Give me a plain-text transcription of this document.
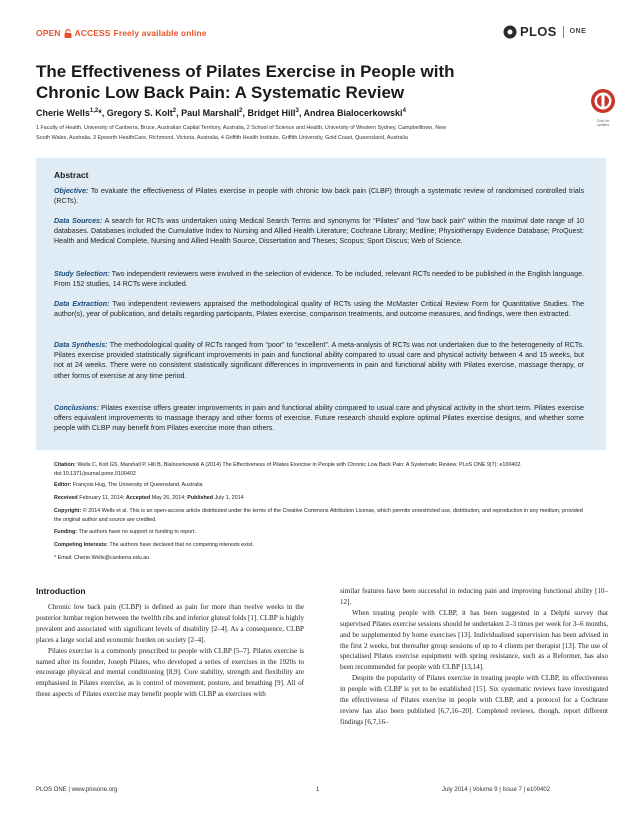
OPEN ACCESS Freely available online	PLOS ONE
The Effectiveness of Pilates Exercise in People with
Chronic Low Back Pain: A Systematic Review
Click for updates
Cherie Wells$^{1,2}$*, Gregory S. Kolt$^2$, Paul Marshall$^2$, Bridget Hill$^3$, Andrea Bialocerkowski$^4$
1 Faculty of Health, University of Canberra, Bruce, Australian Capital Territory, Australia, 2 School of Science and Health, University of Western Sydney, Campbelltown, New
South Wales, Australia, 3 Epworth HealthCare, Richmond, Victoria, Australia, 4 Griffith Health Institute, Griffith University, Gold Coast, Queensland, Australia
Abstract
Objective: To evaluate the effectiveness of Pilates exercise in people with chronic low back pain (CLBP) through a systematic review of randomised controlled trials (RCTs).
Data Sources: A search for RCTs was undertaken using Medical Search Terms and synonyms for “Pilates” and “low back pain” within the maximal date range of 10 databases. Databases included the Cumulative Index to Nursing and Allied Health Literature; Cochrane Library; Medline; Physiotherapy Evidence Database; ProQuest: Health and Medical Complete, Nursing and Allied Health Source, Dissertation and Theses; Scopus; Sport Discus; Web of Science.
Study Selection: Two independent reviewers were involved in the selection of evidence. To be included, relevant RCTs needed to be published in the English language. From 152 studies, 14 RCTs were included.
Data Extraction: Two independent reviewers appraised the methodological quality of RCTs using the McMaster Critical Review Form for Quantitative Studies. The author(s), year of publication, and details regarding participants, Pilates exercise, comparison treatments, and outcome measures, and findings, were then extracted.
Data Synthesis: The methodological quality of RCTs ranged from “poor” to “excellent”. A meta-analysis of RCTs was not undertaken due to the heterogeneity of RCTs. Pilates exercise provided statistically significant improvements in pain and functional ability compared to usual care and physical activity between 4 and 15 weeks, but not at 24 weeks. There were no consistent statistically significant differences in improvements in pain and functional ability with Pilates exercise, massage therapy, or other forms of exercise at any time period.
Conclusions: Pilates exercise offers greater improvements in pain and functional ability compared to usual care and physical activity in the short term. Pilates exercise offers equivalent improvements to massage therapy and other forms of exercise. Future research should explore optimal Pilates exercise designs, and whether some people with CLBP may benefit from Pilates exercise more than others.
Citation: Wells C, Kolt GS, Marshall P, Hill B, Bialocerkowski A (2014) The Effectiveness of Pilates Exercise in People with Chronic Low Back Pain: A Systematic Review. PLoS ONE 9(7): e100402. doi:10.1371/journal.pone.0100402
Editor: François Hug, The University of Queensland, Australia
Received February 11, 2014; Accepted May 26, 2014; Published July 1, 2014
Copyright: © 2014 Wells et al. This is an open-access article distributed under the terms of the Creative Commons Attribution License, which permits unrestricted use, distribution, and reproduction in any medium, provided the original author and source are credited.
Funding: The authors have no support or funding to report.
Competing Interests: The authors have declared that no competing interests exist.
* Email: Cherie.Wells@canberra.edu.au
Introduction

Chronic low back pain (CLBP) is defined as pain for more than twelve weeks in the posterior lumbar region between the twelfth ribs and inferior gluteal folds [1]. CLBP is highly prevalent and associated with significant levels of disability [2–4]. As a consequence, CLBP places a large social and economic burden on society [2–4].

Pilates exercise is a commonly prescribed to people with CLBP [5–7]. Pilates exercise is named after its founder, Joseph Pilates, who developed a series of exercises in the 1920s to encourage physical and mental conditioning [8,9]. Core stability, strength and flexibility are emphasised in Pilates exercise, as is control of movement, posture, and breathing [9]. All of these aspects of Pilates exercise may benefit people with CLBP as exercises with

similar features have been successful in reducing pain and improving functional ability [10–12].

When treating people with CLBP, it has been suggested in a Delphi survey that supervised Pilates exercise sessions should be undertaken 2–3 times per week for 3–6 months, and be supplemented by home exercises [13]. Individualised supervision has been advised in the first 2 weeks, but thereafter group sessions of up to 4 clients per therapist [13]. The use of specialised Pilates exercise equipment with spring resistance, such as a Reformer, has also been recommended for people with CLBP [13,14].

Despite the popularity of Pilates exercise in treating people with CLBP, its effectiveness in people with CLBP is yet to be established [15]. Six systematic reviews have investigated the effectiveness of Pilates exercise in people with CLBP, and a protocol for a Cochrane review has also been published [6,7,16–20]. Completed reviews, though, report different findings [6,7,16–

PLOS ONE | www.plosone.org	1	July 2014 | Volume 9 | Issue 7 | e100402
